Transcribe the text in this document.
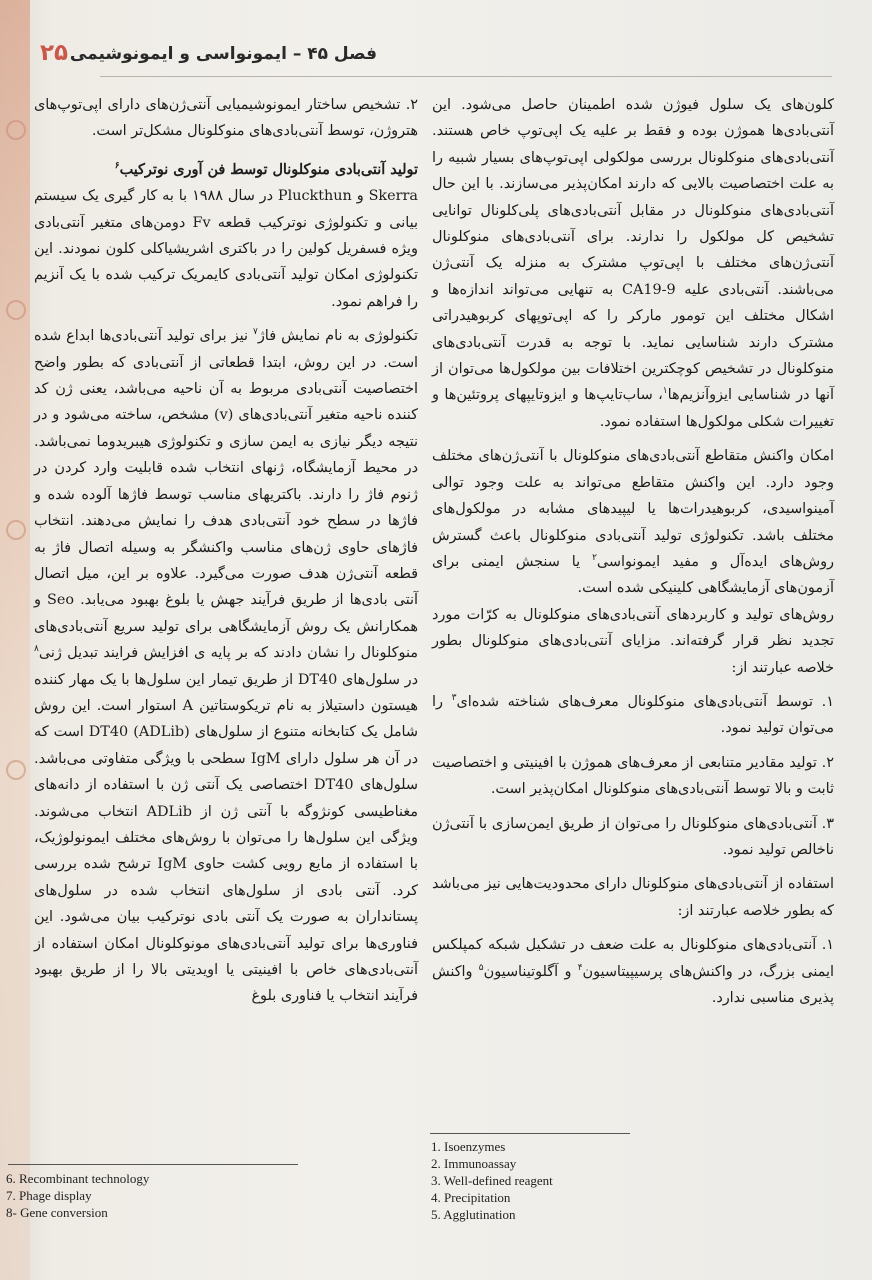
۲۵ فصل ۴۵ – ایمونواسی و ایمونوشیمی

کلون‌های یک سلول فیوژن شده اطمینان حاصل می‌شود. این آنتی‌بادی‌ها هموژن بوده و فقط بر علیه یک اپی‌توپ خاص هستند. آنتی‌بادی‌های منوکلونال بررسی مولکولی اپی‌توپ‌های بسیار شبیه را به علت اختصاصیت بالایی که دارند امکان‌پذیر می‌سازند. با این حال آنتی‌بادی‌های منوکلونال در مقابل آنتی‌بادی‌های پلی‌کلونال توانایی تشخیص کل مولکول را ندارند. برای آنتی‌بادی‌های منوکلونال آنتی‌ژن‌های مختلف با اپی‌توپ مشترک به منزله یک آنتی‌ژن می‌باشند. آنتی‌بادی علیه CA19-9 به تنهایی می‌تواند اندازه‌ها و اشکال مختلف این تومور مارکر را که اپی‌توپهای کربوهیدراتی مشترک دارند شناسایی نماید. با توجه به قدرت آنتی‌بادی‌های منوکلونال در تشخیص کوچکترین اختلافات بین مولکول‌ها می‌توان از آنها در شناسایی ایزوآنزیم‌ها$^۱$، ساب‌تایپ‌ها و ایزوتایپهای پروتئین‌ها و تغییرات شکلی مولکول‌ها استفاده نمود.

امکان واکنش متقاطع آنتی‌بادی‌های منوکلونال با آنتی‌ژن‌های مختلف وجود دارد. این واکنش متقاطع می‌تواند به علت وجود توالی آمینواسیدی، کربوهیدرات‌ها یا لیپیدهای مشابه در مولکول‌های مختلف باشد. تکنولوژی تولید آنتی‌بادی منوکلونال باعث گسترش روش‌های ایده‌آل و مفید ایمونواسی$^۲$ یا سنجش ایمنی برای آزمون‌های آزمایشگاهی کلینیکی شده است.

روش‌های تولید و کاربردهای آنتی‌بادی‌های منوکلونال به کرّات مورد تجدید نظر قرار گرفته‌اند. مزایای آنتی‌بادی‌های منوکلونال بطور خلاصه عبارتند از:

۱. توسط آنتی‌بادی‌های منوکلونال معرف‌های شناخته شده‌ای$^۳$ را می‌توان تولید نمود.

۲. تولید مقادیر متنابعی از معرف‌های هموژن با افینیتی و اختصاصیت ثابت و بالا توسط آنتی‌بادی‌های منوکلونال امکان‌پذیر است.

۳. آنتی‌بادی‌های منوکلونال را می‌توان از طریق ایمن‌سازی با آنتی‌ژن ناخالص تولید نمود.

استفاده از آنتی‌بادی‌های منوکلونال دارای محدودیت‌هایی نیز می‌باشد که بطور خلاصه عبارتند از:

۱. آنتی‌بادی‌های منوکلونال به علت ضعف در تشکیل شبکه کمپلکس ایمنی بزرگ، در واکنش‌های پرسیپیتاسیون$^۴$ و آگلوتیناسیون$^۵$ واکنش پذیری مناسبی ندارد.

۲. تشخیص ساختار ایمونوشیمیایی آنتی‌ژن‌های دارای اپی‌توپ‌های هتروژن، توسط آنتی‌بادی‌های منوکلونال مشکل‌تر است.

تولید آنتی‌بادی منوکلونال توسط فن آوری نوترکیب$^۶$

Skerra و Pluckthun در سال ۱۹۸۸ با به کار گیری یک سیستم بیانی و تکنولوژی نوترکیب قطعه Fv دومن‌های متغیر آنتی‌بادی ویژه فسفریل کولین را در باکتری اشریشیاکلی کلون نمودند. این تکنولوژی امکان تولید آنتی‌بادی کایمریک ترکیب شده با یک آنزیم را فراهم نمود.

تکنولوژی به نام نمایش فاژ$^۷$ نیز برای تولید آنتی‌بادی‌ها ابداع شده است. در این روش، ابتدا قطعاتی از آنتی‌بادی که بطور واضح اختصاصیت آنتی‌بادی مربوط به آن ناحیه می‌باشد، یعنی ژن کد کننده ناحیه متغیر آنتی‌بادی‌های (v) مشخص، ساخته می‌شود و در نتیجه دیگر نیازی به ایمن سازی و تکنولوژی هیبریدوما نمی‌باشد. در محیط آزمایشگاه، ژنهای انتخاب شده قابلیت وارد کردن در ژنوم فاژ را دارند. باکتریهای مناسب توسط فاژها آلوده شده و فاژها در سطح خود آنتی‌بادی هدف را نمایش می‌دهند. انتخاب فاژهای حاوی ژن‌های مناسب واکنشگر به وسیله اتصال فاژ به قطعه آنتی‌ژن هدف صورت می‌گیرد. علاوه بر این، میل اتصال آنتی بادی‌ها از طریق فرآیند جهش یا بلوغ بهبود می‌یابد. Seo و همکارانش یک روش آزمایشگاهی برای تولید سریع آنتی‌بادی‌های منوکلونال را نشان دادند که بر پایه ی افزایش فرایند تبدیل ژنی$^۸$ در سلول‌های DT40 از طریق تیمار این سلول‌ها با یک مهار کننده هیستون داستیلاز به نام تریکوستاتین A استوار است. این روش شامل یک کتابخانه متنوع از سلول‌های DT40 (ADLib) است که در آن هر سلول دارای IgM سطحی با ویژگی متفاوتی می‌باشد. سلول‌های DT40 اختصاصی یک آنتی ژن با استفاده از دانه‌های مغناطیسی کونژوگه با آنتی ژن از ADLib انتخاب می‌شوند. ویژگی این سلول‌ها را می‌توان با روش‌های مختلف ایمونولوژیک، با استفاده از مایع رویی کشت حاوی IgM ترشح شده بررسی کرد. آنتی بادی از سلول‌های انتخاب شده در سلول‌های پستانداران به صورت یک آنتی بادی نوترکیب بیان می‌شود. این فناوری‌ها برای تولید آنتی‌بادی‌های مونوکلونال امکان استفاده از آنتی‌بادی‌های خاص با افینیتی یا اویدیتی بالا را از طریق بهبود فرآیند انتخاب یا فناوری بلوغ

6. Recombinant technology
7. Phage display
8- Gene conversion
1. Isoenzymes
2. Immunoassay
3. Well-defined reagent
4. Precipitation
5. Agglutination
